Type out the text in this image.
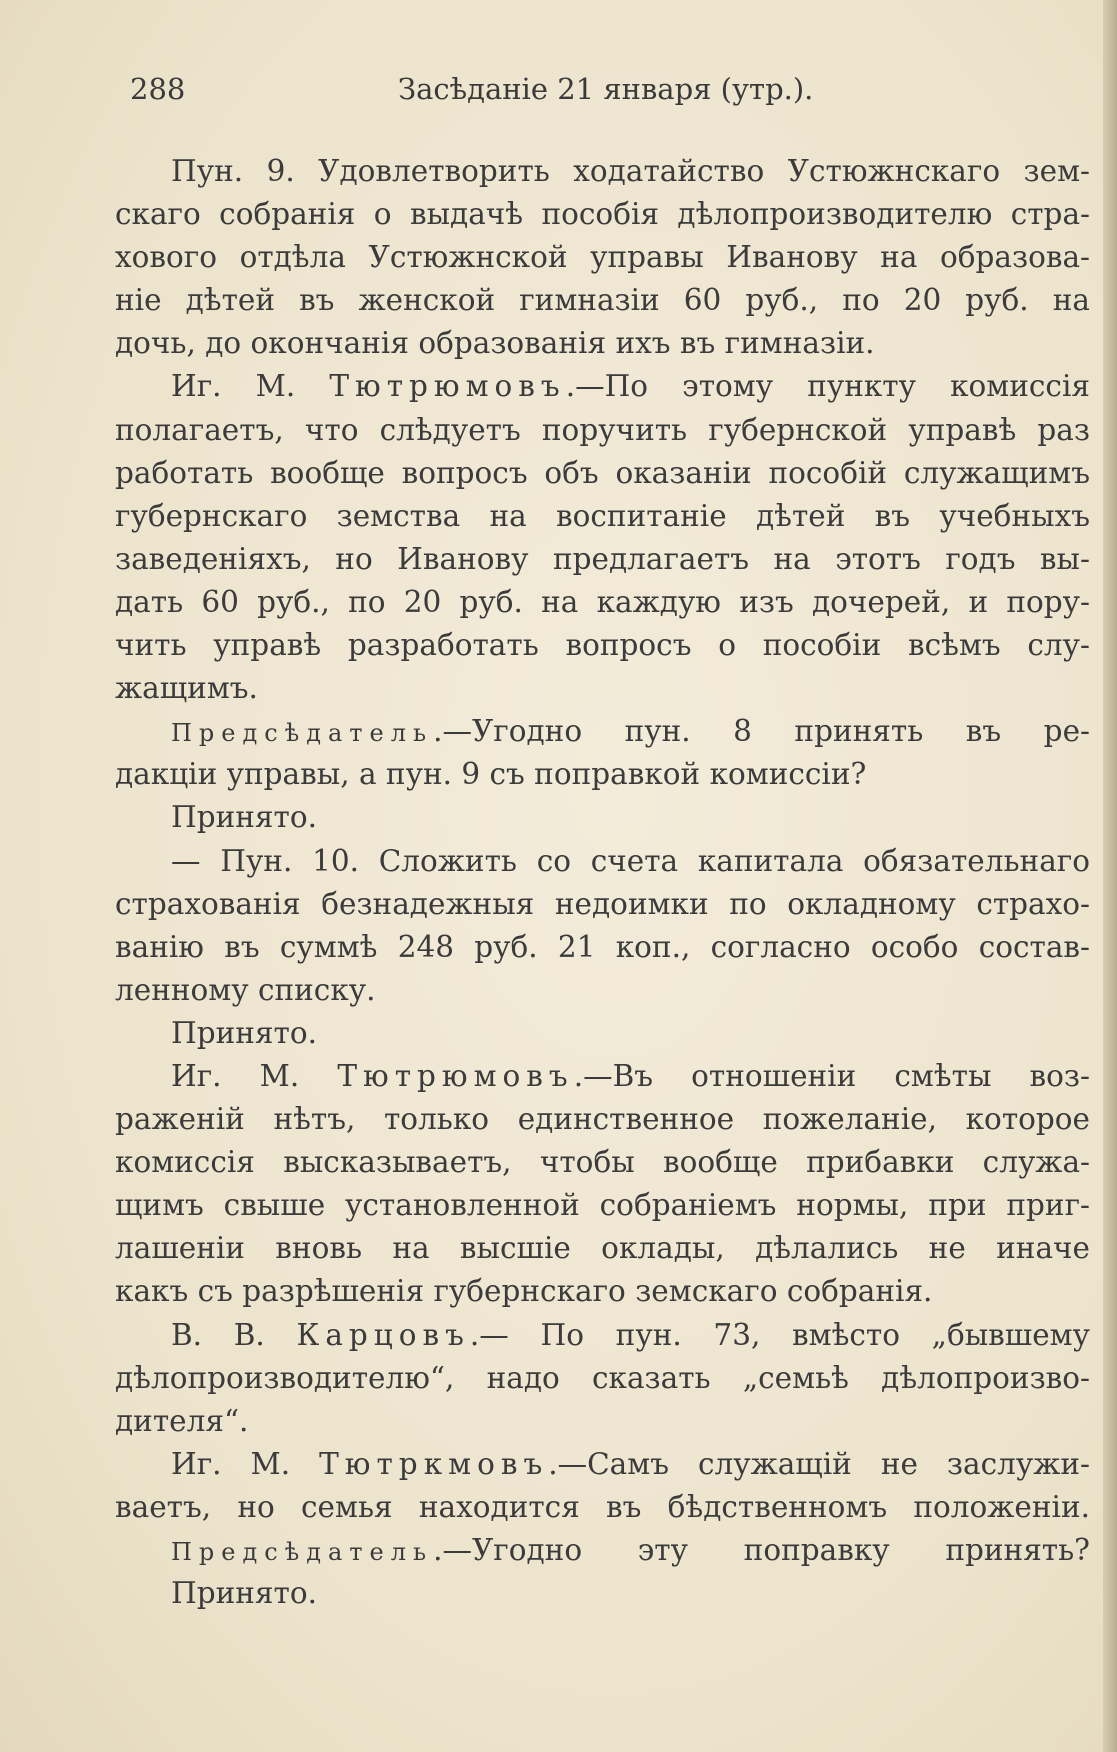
288	Засѣданіе 21 января (утр.).
Пун. 9. Удовлетворить ходатайство Устюжнскаго зем-
скаго собранія о выдачѣ пособія дѣлопроизводителю стра-
хового отдѣла Устюжнской управы Иванову на образова-
ніе дѣтей въ женской гимназіи 60 руб., по 20 руб. на
дочь, до окончанія образованія ихъ въ гимназіи.
Иг. М. Тютрюмовъ.—По этому пункту комиссія
полагаетъ, что слѣдуетъ поручить губернской управѣ раз
работать вообще вопросъ объ оказаніи пособій служащимъ
губернскаго земства на воспитаніе дѣтей въ учебныхъ
заведеніяхъ, но Иванову предлагаетъ на этотъ годъ вы-
дать 60 руб., по 20 руб. на каждую изъ дочерей, и пору-
чить управѣ разработать вопросъ о пособіи всѣмъ слу-
жащимъ.
Предсѣдатель.—Угодно пун. 8 принять въ ре-
дакціи управы, а пун. 9 съ поправкой комиссіи?
Принято.
— Пун. 10. Сложить со счета капитала обязательнаго
страхованія безнадежныя недоимки по окладному страхо-
ванію въ суммѣ 248 руб. 21 коп., согласно особо состав-
ленному списку.
Принято.
Иг. М. Тютрюмовъ.—Въ отношеніи смѣты воз-
раженій нѣтъ, только единственное пожеланіе, которое
комиссія высказываетъ, чтобы вообще прибавки служа-
щимъ свыше установленной собраніемъ нормы, при приг-
лашеніи вновь на высшіе оклады, дѣлались не иначе
какъ съ разрѣшенія губернскаго земскаго собранія.
В. В. Карцовъ.— По пун. 73, вмѣсто „бывшему
дѣлопроизводителю“, надо сказать „семьѣ дѣлопроизво-
дителя“.
Иг. М. Тютркмовъ.—Самъ служащій не заслужи-
ваетъ, но семья находится въ бѣдственномъ положеніи.
Предсѣдатель.—Угодно эту поправку принять?
Принято.
